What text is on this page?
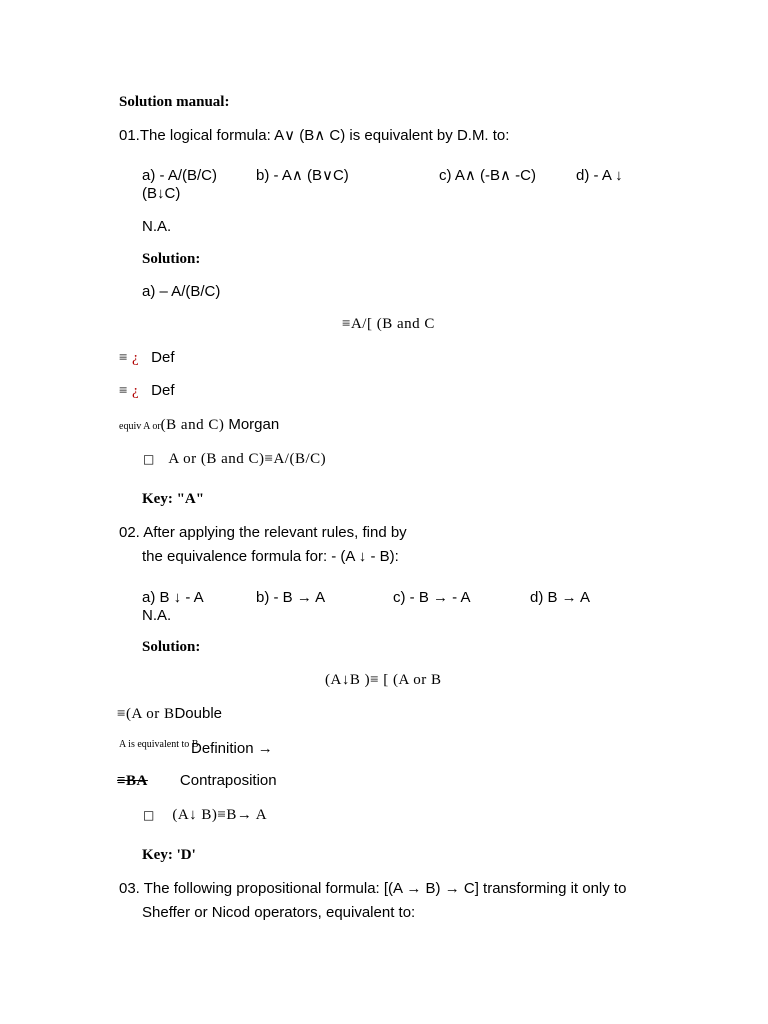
Solution manual:
01.The logical formula: A∨ (B∧ C) is equivalent by D.M. to:
a) - A/(B/C)	b) - A∧ (B∨C)	c) A∧ (-B∧ -C)	d) - A ↓
(B↓C)
N.A.
Solution:
a) – A/(B/C)
≡A/[ (B and C
≡ ¿ Def
≡ ¿ Def
equiv A or(B and C) Morgan
□ A or (B and C)≡A/(B/C)
Key: "A"
02. After applying the relevant rules, find by
the equivalence formula for: - (A ↓ - B):
a) B ↓ - A	b) - B → A	c) - B → - A	d) B → A
N.A.
Solution:
(A↓B )≡ [ (A or B
≡(A or BDouble
A is equivalent to B
Definition →
≡BA Contraposition
□ (A↓ B)≡B→ A
Key: 'D'
03. The following propositional formula: [(A → B) → C] transforming it only to
Sheffer or Nicod operators, equivalent to:
